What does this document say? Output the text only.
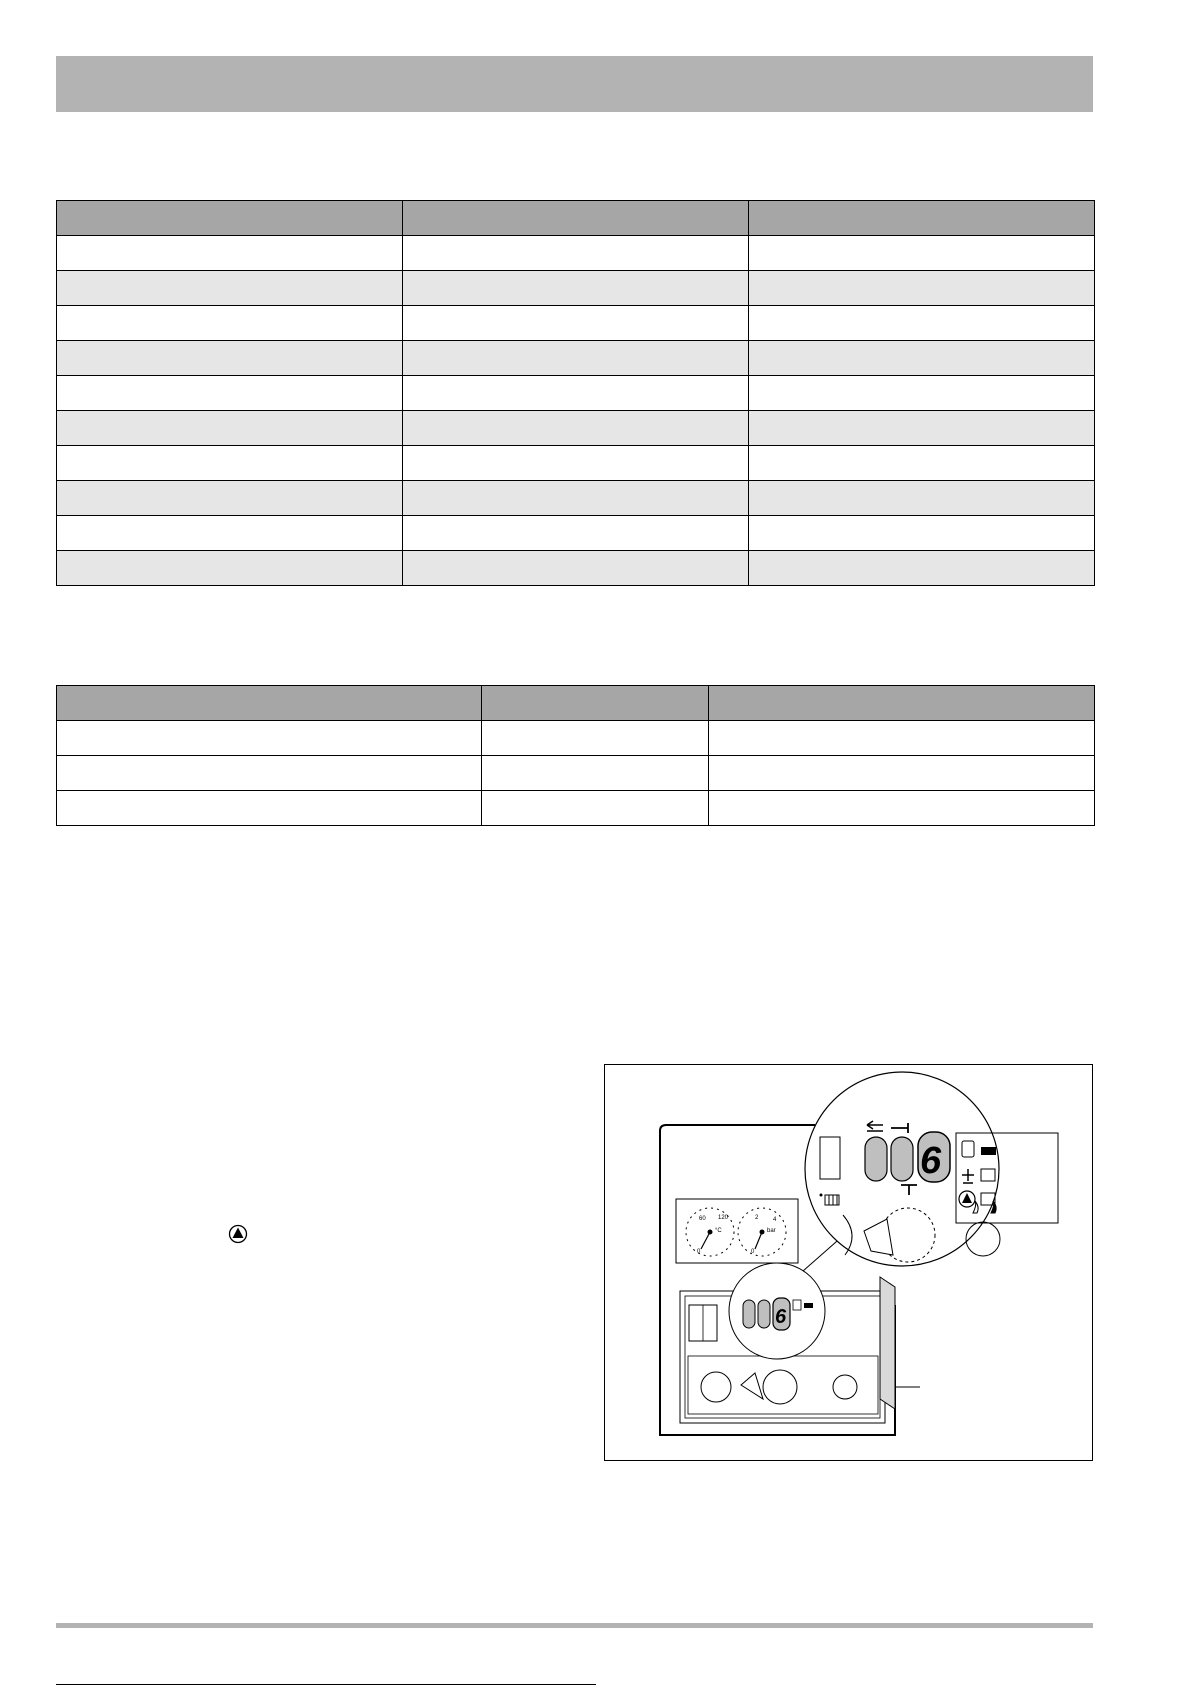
60 120
°C
0
2 4
bar
0
6
6
